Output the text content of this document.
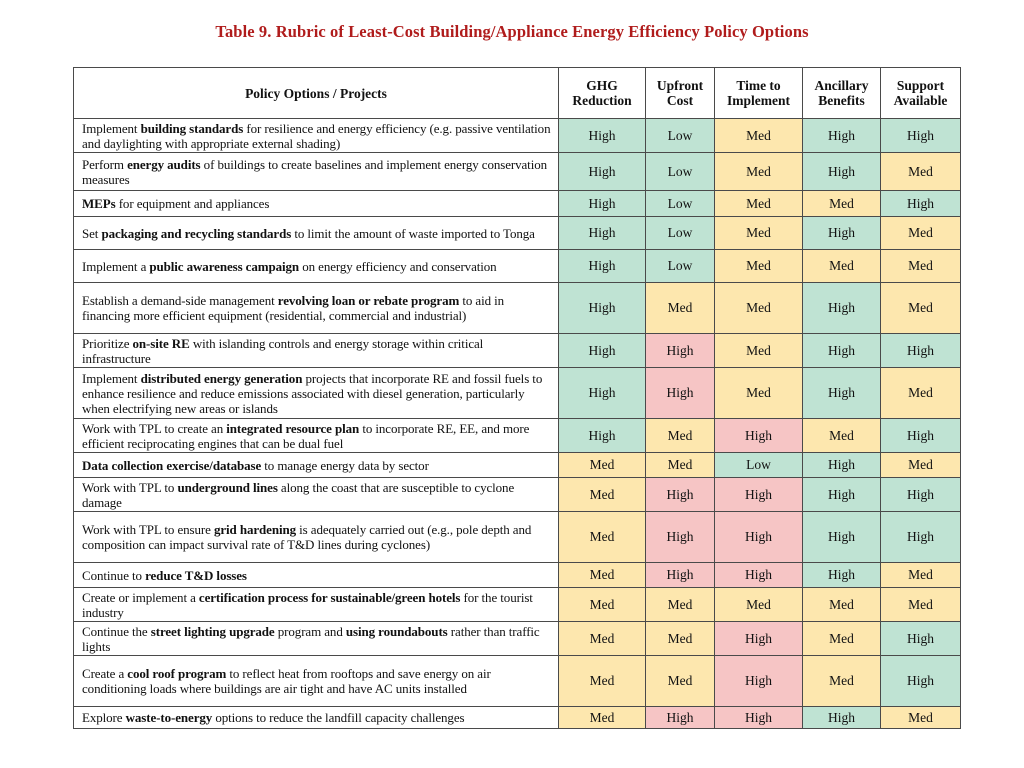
Table 9. Rubric of Least-Cost Building/Appliance Energy Efficiency Policy Options
Policy Options / Projects	GHG Reduction	Upfront Cost	Time to Implement	Ancillary Benefits	Support Available
Implement building standards for resilience and energy efficiency (e.g. passive ventilation and daylighting with appropriate external shading)	High	Low	Med	High	High
Perform energy audits of buildings to create baselines and implement energy conservation measures	High	Low	Med	High	Med
MEPs for equipment and appliances	High	Low	Med	Med	High
Set packaging and recycling standards to limit the amount of waste imported to Tonga	High	Low	Med	High	Med
Implement a public awareness campaign on energy efficiency and conservation	High	Low	Med	Med	Med
Establish a demand-side management revolving loan or rebate program to aid in financing more efficient equipment (residential, commercial and industrial)	High	Med	Med	High	Med
Prioritize on-site RE with islanding controls and energy storage within critical infrastructure	High	High	Med	High	High
Implement distributed energy generation projects that incorporate RE and fossil fuels to enhance resilience and reduce emissions associated with diesel generation, particularly when electrifying new areas or islands	High	High	Med	High	Med
Work with TPL to create an integrated resource plan to incorporate RE, EE, and more efficient reciprocating engines that can be dual fuel	High	Med	High	Med	High
Data collection exercise/database to manage energy data by sector	Med	Med	Low	High	Med
Work with TPL to underground lines along the coast that are susceptible to cyclone damage	Med	High	High	High	High
Work with TPL to ensure grid hardening is adequately carried out (e.g., pole depth and composition can impact survival rate of T&D lines during cyclones)	Med	High	High	High	High
Continue to reduce T&D losses	Med	High	High	High	Med
Create or implement a certification process for sustainable/green hotels for the tourist industry	Med	Med	Med	Med	Med
Continue the street lighting upgrade program and using roundabouts rather than traffic lights	Med	Med	High	Med	High
Create a cool roof program to reflect heat from rooftops and save energy on air conditioning loads where buildings are air tight and have AC units installed	Med	Med	High	Med	High
Explore waste-to-energy options to reduce the landfill capacity challenges	Med	High	High	High	Med
